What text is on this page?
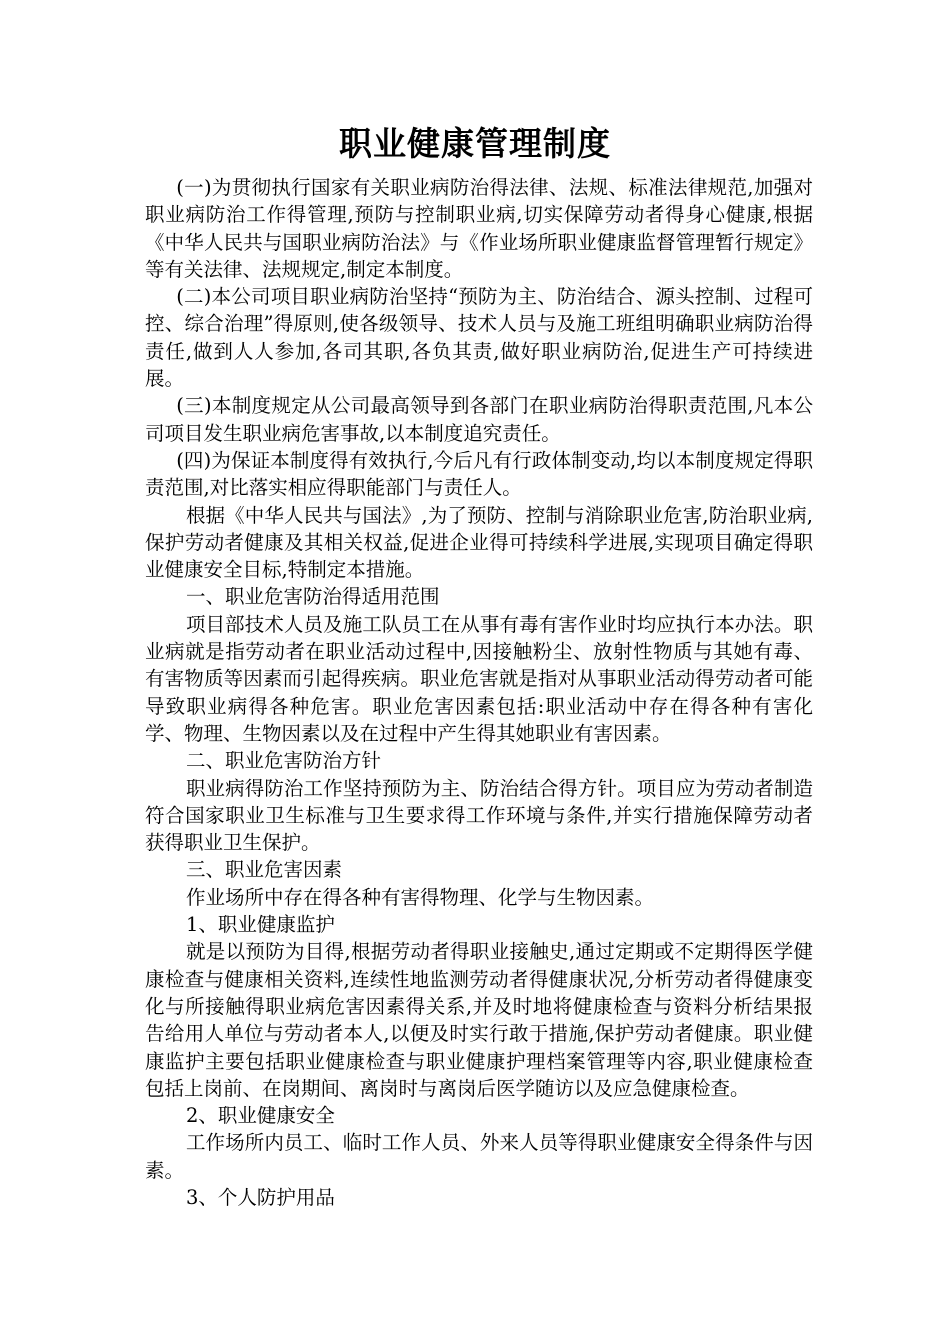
职业健康管理制度

(一)为贯彻执行国家有关职业病防治得法律、法规、标准法律规范,加强对职业病防治工作得管理,预防与控制职业病,切实保障劳动者得身心健康,根据《中华人民共与国职业病防治法》与《作业场所职业健康监督管理暂行规定》等有关法律、法规规定,制定本制度。

(二)本公司项目职业病防治坚持“预防为主、防治结合、源头控制、过程可控、综合治理”得原则,使各级领导、技术人员与及施工班组明确职业病防治得责任,做到人人参加,各司其职,各负其责,做好职业病防治,促进生产可持续进展。

(三)本制度规定从公司最高领导到各部门在职业病防治得职责范围,凡本公司项目发生职业病危害事故,以本制度追究责任。

(四)为保证本制度得有效执行,今后凡有行政体制变动,均以本制度规定得职责范围,对比落实相应得职能部门与责任人。

根据《中华人民共与国法》,为了预防、控制与消除职业危害,防治职业病,保护劳动者健康及其相关权益,促进企业得可持续科学进展,实现项目确定得职业健康安全目标,特制定本措施。

一、职业危害防治得适用范围

项目部技术人员及施工队员工在从事有毒有害作业时均应执行本办法。职业病就是指劳动者在职业活动过程中,因接触粉尘、放射性物质与其她有毒、有害物质等因素而引起得疾病。职业危害就是指对从事职业活动得劳动者可能导致职业病得各种危害。职业危害因素包括:职业活动中存在得各种有害化学、物理、生物因素以及在过程中产生得其她职业有害因素。

二、职业危害防治方针

职业病得防治工作坚持预防为主、防治结合得方针。项目应为劳动者制造符合国家职业卫生标准与卫生要求得工作环境与条件,并实行措施保障劳动者获得职业卫生保护。

三、职业危害因素

作业场所中存在得各种有害得物理、化学与生物因素。

1、职业健康监护

就是以预防为目得,根据劳动者得职业接触史,通过定期或不定期得医学健康检查与健康相关资料,连续性地监测劳动者得健康状况,分析劳动者得健康变化与所接触得职业病危害因素得关系,并及时地将健康检查与资料分析结果报告给用人单位与劳动者本人,以便及时实行敢于措施,保护劳动者健康。职业健康监护主要包括职业健康检查与职业健康护理档案管理等内容,职业健康检查包括上岗前、在岗期间、离岗时与离岗后医学随访以及应急健康检查。

2、职业健康安全

工作场所内员工、临时工作人员、外来人员等得职业健康安全得条件与因素。

3、个人防护用品
